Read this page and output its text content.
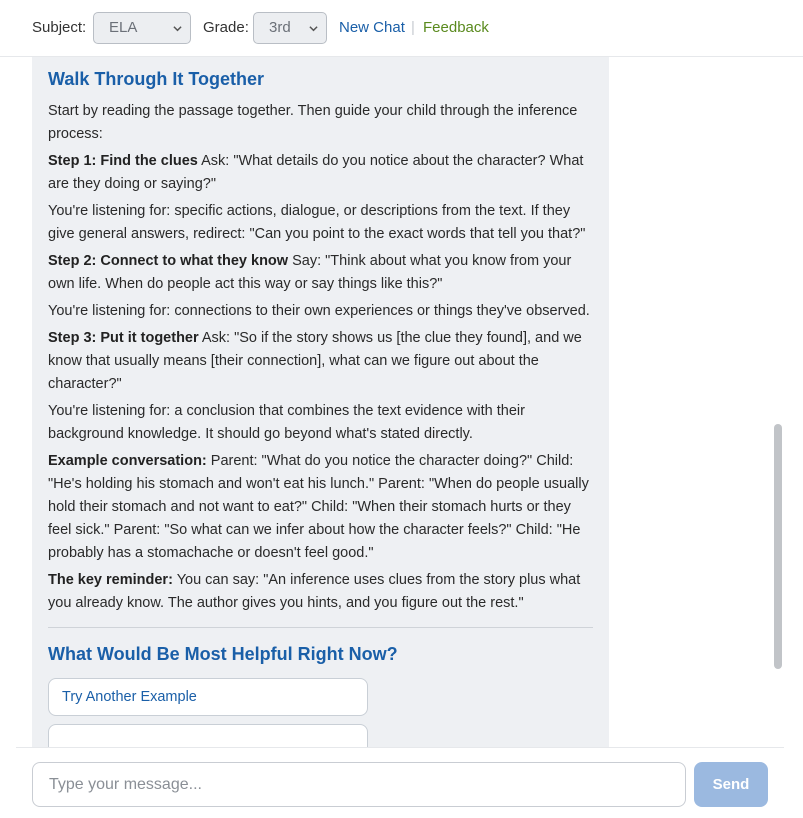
Subject:	ELA	Grade:	3rd	New Chat | Feedback
Walk Through It Together

Start by reading the passage together. Then guide your child through the inference process:

Step 1: Find the clues Ask: "What details do you notice about the character? What are they doing or saying?"

You're listening for: specific actions, dialogue, or descriptions from the text. If they give general answers, redirect: "Can you point to the exact words that tell you that?"

Step 2: Connect to what they know Say: "Think about what you know from your own life. When do people act this way or say things like this?"

You're listening for: connections to their own experiences or things they've observed.

Step 3: Put it together Ask: "So if the story shows us [the clue they found], and we know that usually means [their connection], what can we figure out about the character?"

You're listening for: a conclusion that combines the text evidence with their background knowledge. It should go beyond what's stated directly.

Example conversation: Parent: "What do you notice the character doing?" Child: "He's holding his stomach and won't eat his lunch." Parent: "When do people usually hold their stomach and not want to eat?" Child: "When their stomach hurts or they feel sick." Parent: "So what can we infer about how the character feels?" Child: "He probably has a stomachache or doesn't feel good."

The key reminder: You can say: "An inference uses clues from the story plus what you already know. The author gives you hints, and you figure out the rest."

What Would Be Most Helpful Right Now?
Try Another Example
Type your message...
Send
